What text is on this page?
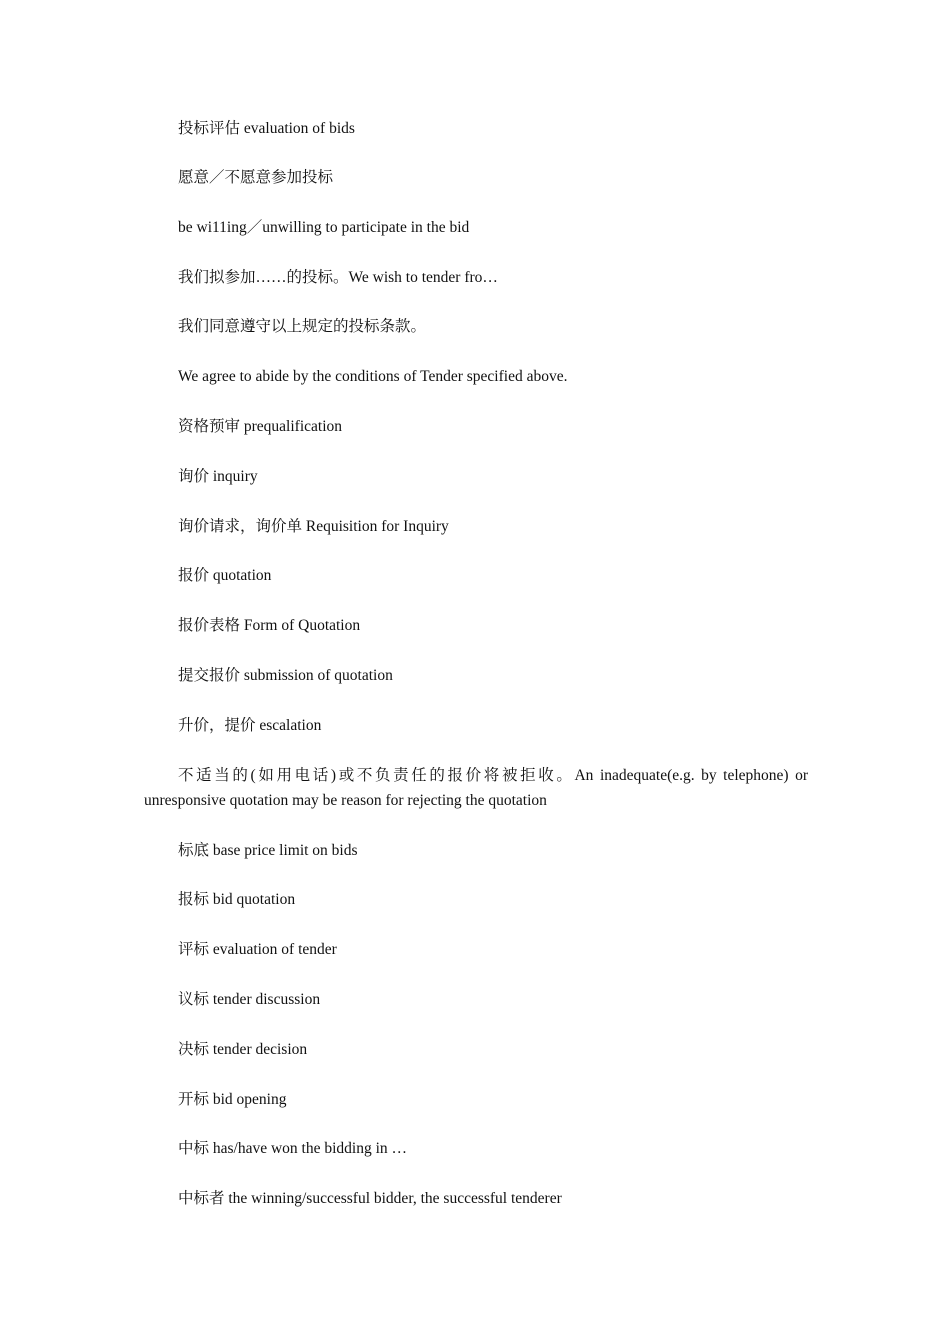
投标评估 evaluation of bids

愿意／不愿意参加投标

be wi11ing／unwilling to participate in the bid

我们拟参加……的投标。We wish to tender fro…

我们同意遵守以上规定的投标条款。

We agree to abide by the conditions of Tender specified above.

资格预审 prequalification

询价 inquiry

询价请求，询价单 Requisition for Inquiry

报价 quotation

报价表格 Form of Quotation

提交报价 submission of quotation

升价，提价 escalation

不适当的(如用电话)或不负责任的报价将被拒收。An inadequate(e.g. by telephone) or unresponsive quotation may be reason for rejecting the quotation

标底 base price limit on bids

报标 bid quotation

评标 evaluation of tender

议标 tender discussion

决标 tender decision

开标 bid opening

中标 has/have won the bidding in …

中标者 the winning/successful bidder, the successful tenderer
